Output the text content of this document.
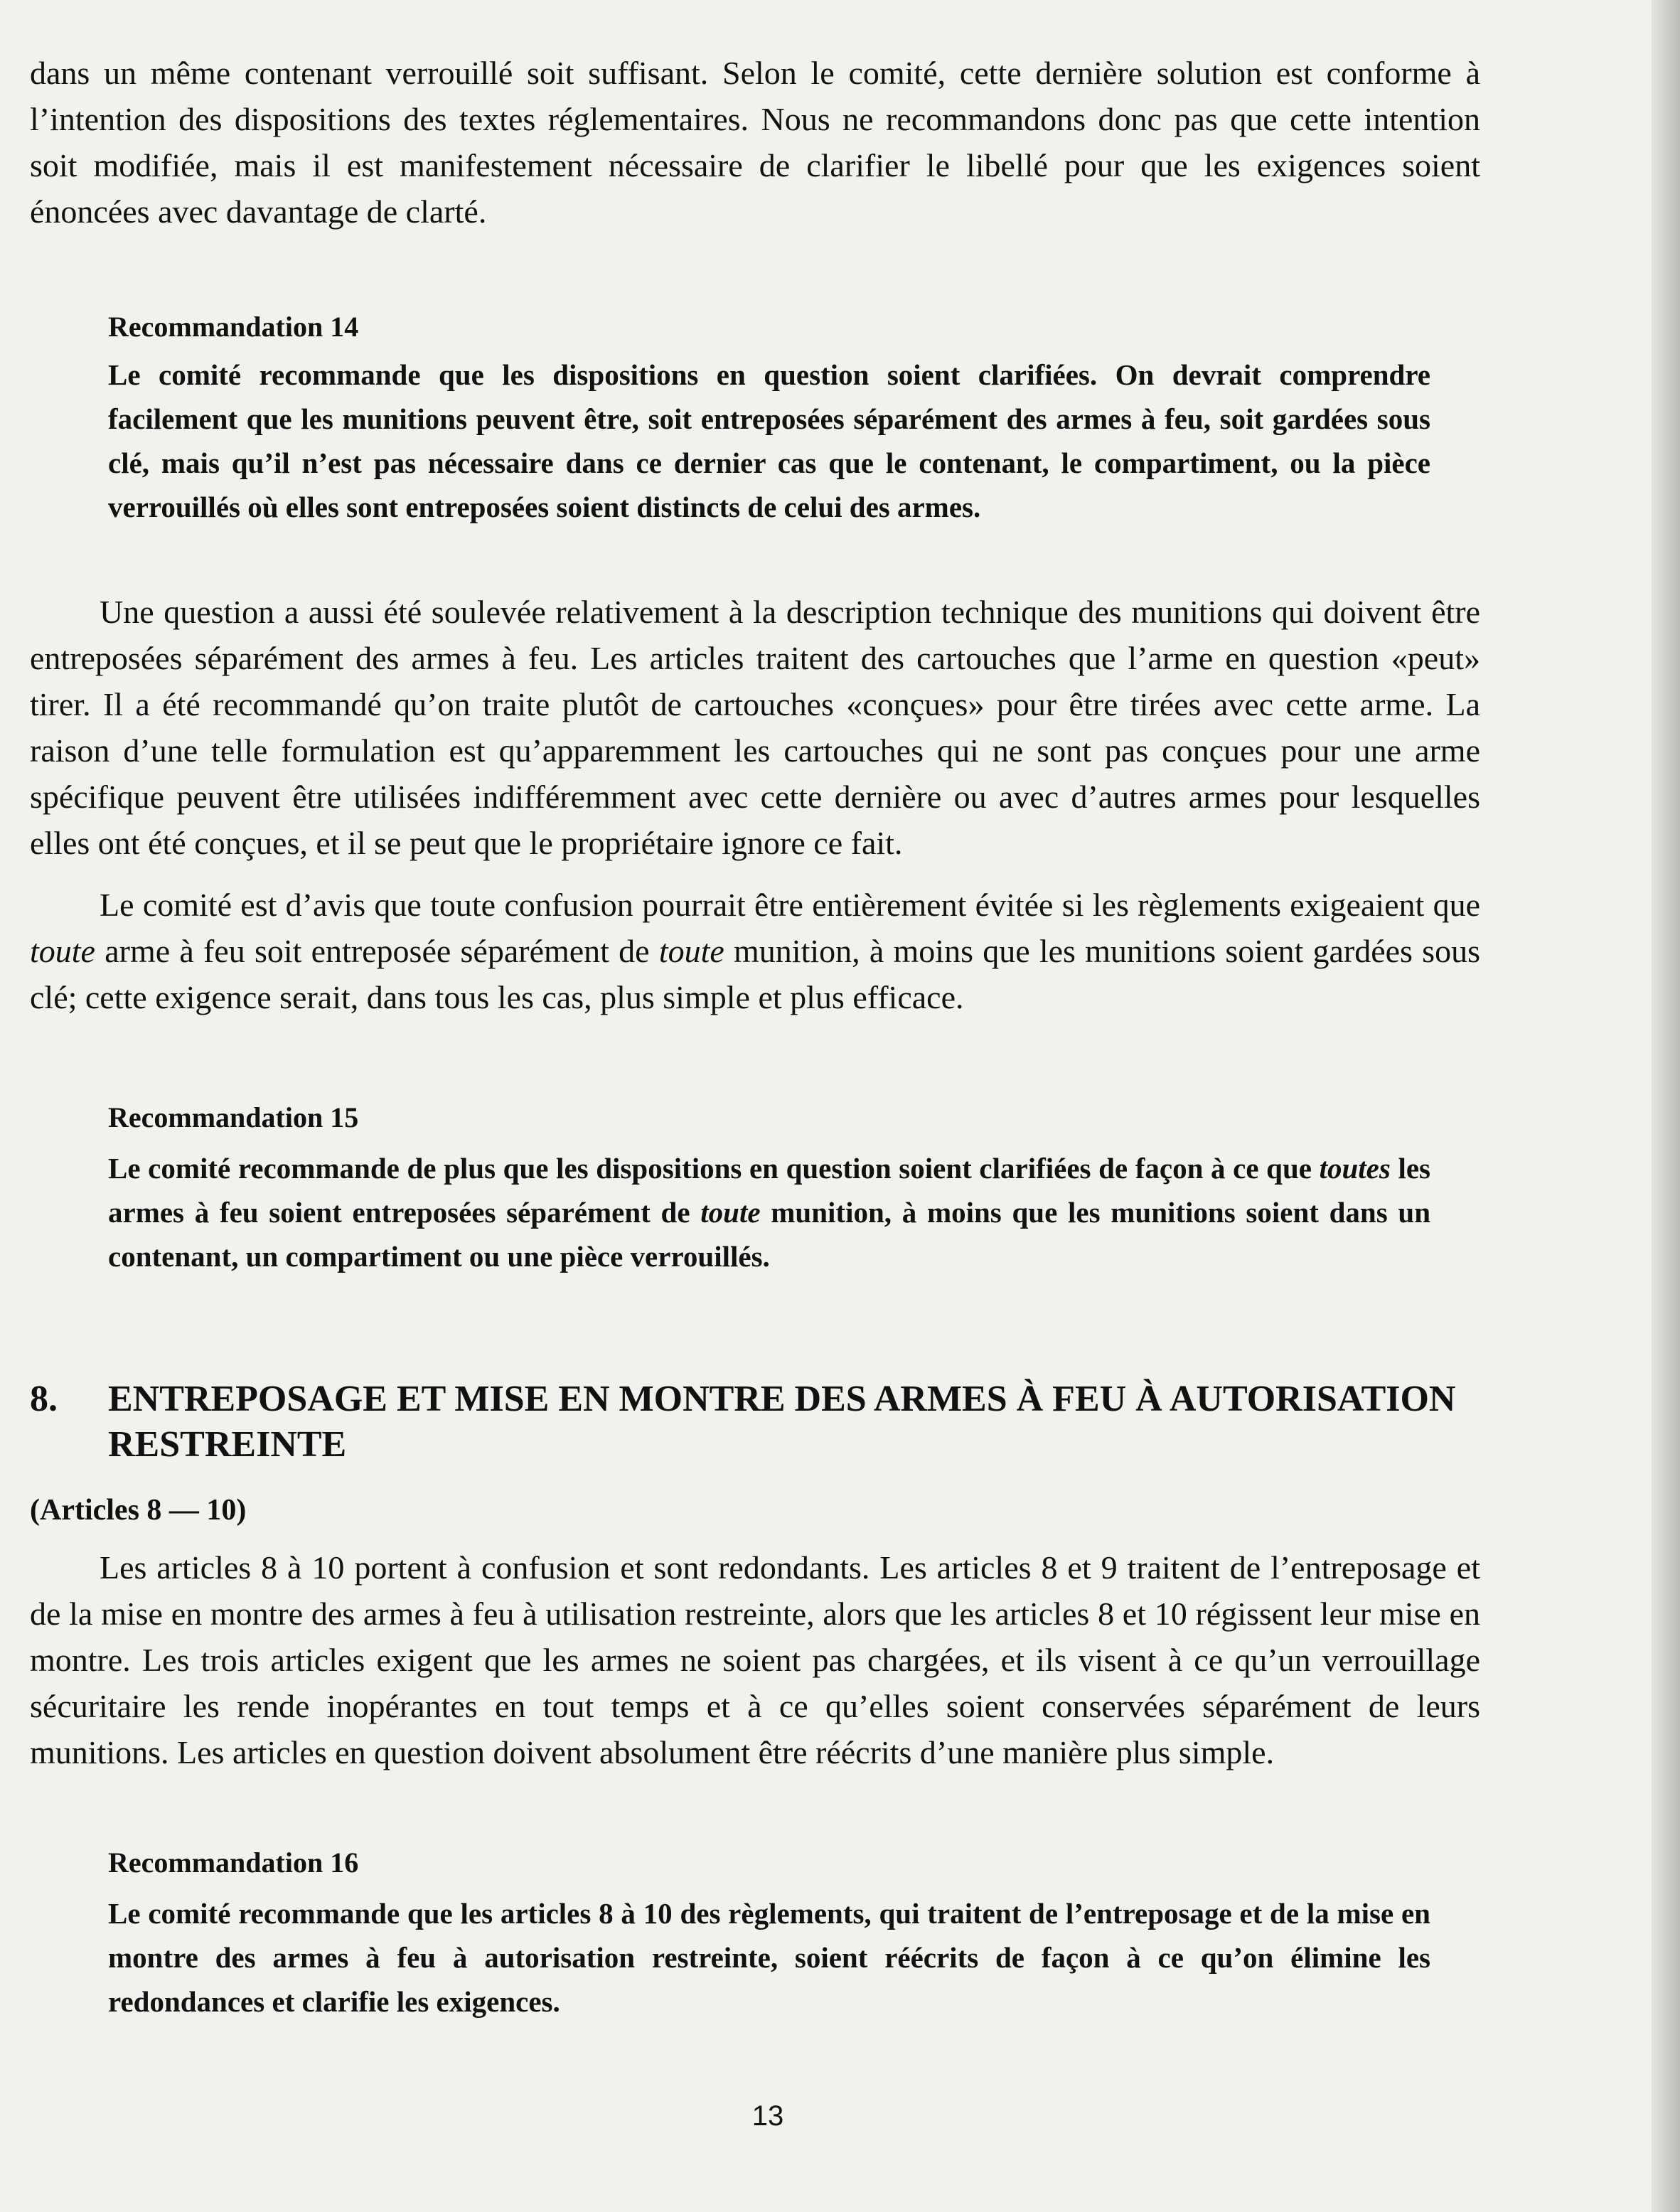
dans un même contenant verrouillé soit suffisant. Selon le comité, cette dernière solution est conforme à l’intention des dispositions des textes réglementaires. Nous ne recommandons donc pas que cette intention soit modifiée, mais il est manifestement nécessaire de clarifier le libellé pour que les exigences soient énoncées avec davantage de clarté.

Recommandation 14

Le comité recommande que les dispositions en question soient clarifiées. On devrait comprendre facilement que les munitions peuvent être, soit entreposées séparément des armes à feu, soit gardées sous clé, mais qu’il n’est pas nécessaire dans ce dernier cas que le contenant, le compartiment, ou la pièce verrouillés où elles sont entreposées soient distincts de celui des armes.

Une question a aussi été soulevée relativement à la description technique des munitions qui doivent être entreposées séparément des armes à feu. Les articles traitent des cartouches que l’arme en question «peut» tirer. Il a été recommandé qu’on traite plutôt de cartouches «conçues» pour être tirées avec cette arme. La raison d’une telle formulation est qu’apparemment les cartouches qui ne sont pas conçues pour une arme spécifique peuvent être utilisées indifféremment avec cette dernière ou avec d’autres armes pour lesquelles elles ont été conçues, et il se peut que le propriétaire ignore ce fait.

Le comité est d’avis que toute confusion pourrait être entièrement évitée si les règlements exigeaient que toute arme à feu soit entreposée séparément de toute munition, à moins que les munitions soient gardées sous clé; cette exigence serait, dans tous les cas, plus simple et plus efficace.

Recommandation 15

Le comité recommande de plus que les dispositions en question soient clarifiées de façon à ce que toutes les armes à feu soient entreposées séparément de toute munition, à moins que les munitions soient dans un contenant, un compartiment ou une pièce verrouillés.

8.	ENTREPOSAGE ET MISE EN MONTRE DES ARMES À FEU À AUTORISATION RESTREINTE

(Articles 8 — 10)

Les articles 8 à 10 portent à confusion et sont redondants. Les articles 8 et 9 traitent de l’entreposage et de la mise en montre des armes à feu à utilisation restreinte, alors que les articles 8 et 10 régissent leur mise en montre. Les trois articles exigent que les armes ne soient pas chargées, et ils visent à ce qu’un verrouillage sécuritaire les rende inopérantes en tout temps et à ce qu’elles soient conservées séparément de leurs munitions. Les articles en question doivent absolument être réécrits d’une manière plus simple.

Recommandation 16

Le comité recommande que les articles 8 à 10 des règlements, qui traitent de l’entreposage et de la mise en montre des armes à feu à autorisation restreinte, soient réécrits de façon à ce qu’on élimine les redondances et clarifie les exigences.

13
